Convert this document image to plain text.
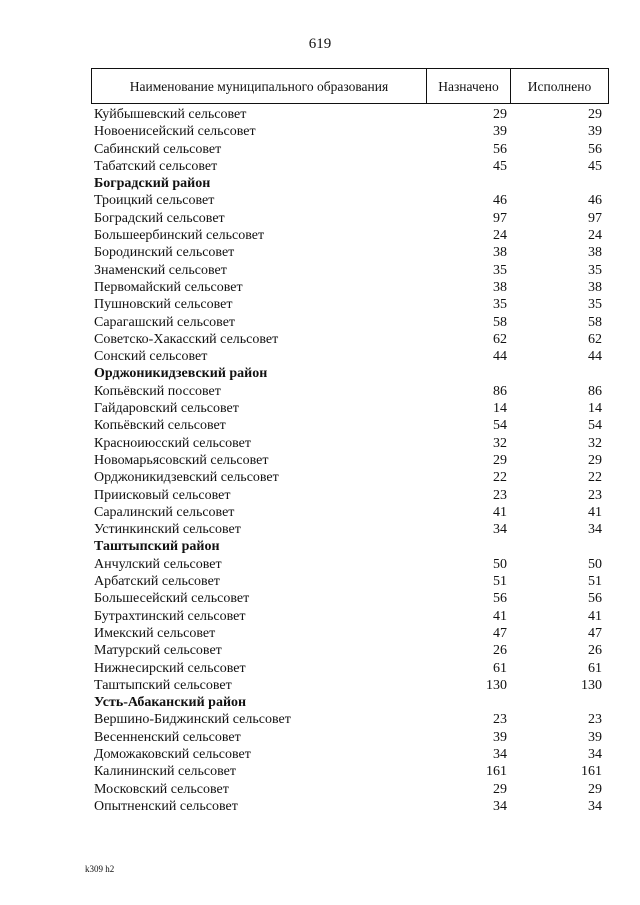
619
Наименование муниципального образования	Назначено	Исполнено
Куйбышевский сельсовет	29	29
Новоенисейский сельсовет	39	39
Сабинский сельсовет	56	56
Табатский сельсовет	45	45
Боградский район
Троицкий сельсовет	46	46
Боградский сельсовет	97	97
Большеербинский сельсовет	24	24
Бородинский сельсовет	38	38
Знаменский сельсовет	35	35
Первомайский сельсовет	38	38
Пушновский сельсовет	35	35
Сарагашский сельсовет	58	58
Советско-Хакасский сельсовет	62	62
Сонский сельсовет	44	44
Орджоникидзевский район
Копьёвский поссовет	86	86
Гайдаровский сельсовет	14	14
Копьёвский сельсовет	54	54
Красноиюсский сельсовет	32	32
Новомарьясовский сельсовет	29	29
Орджоникидзевский сельсовет	22	22
Приисковый сельсовет	23	23
Саралинский сельсовет	41	41
Устинкинский сельсовет	34	34
Таштыпский район
Анчулский сельсовет	50	50
Арбатский сельсовет	51	51
Большесейский сельсовет	56	56
Бутрахтинский сельсовет	41	41
Имекский сельсовет	47	47
Матурский сельсовет	26	26
Нижнесирский сельсовет	61	61
Таштыпский сельсовет	130	130
Усть-Абаканский район
Вершино-Биджинский сельсовет	23	23
Весенненский сельсовет	39	39
Доможаковский сельсовет	34	34
Калининский сельсовет	161	161
Московский сельсовет	29	29
Опытненский сельсовет	34	34
k309 h2
